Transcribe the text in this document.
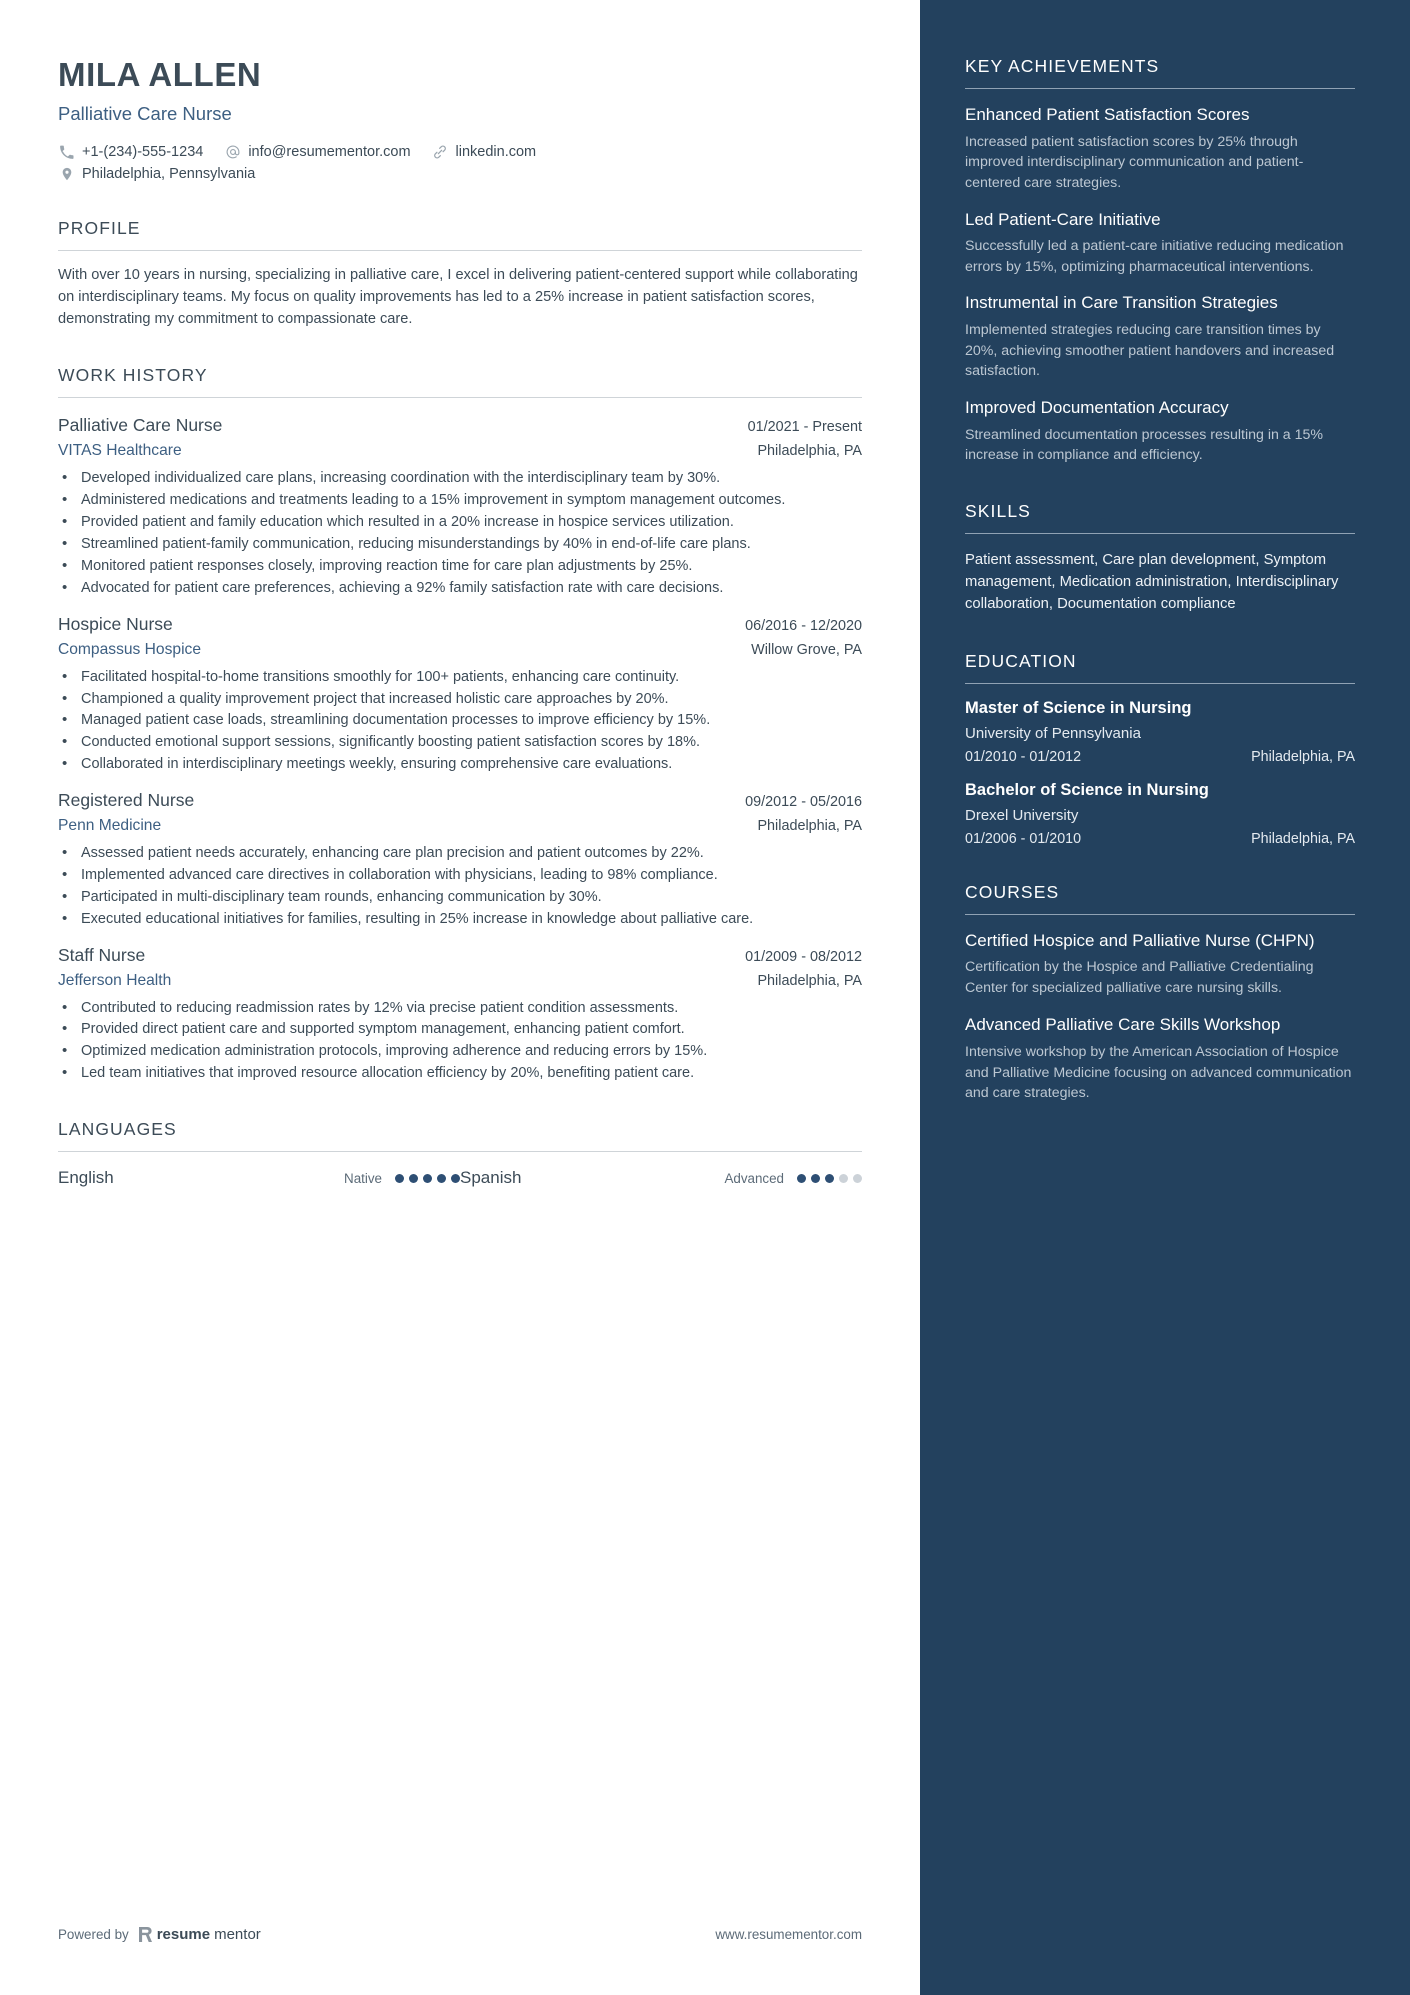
MILA ALLEN
Palliative Care Nurse
+1-(234)-555-1234	info@resumementor.com	linkedin.com
Philadelphia, Pennsylvania
PROFILE

With over 10 years in nursing, specializing in palliative care, I excel in delivering patient-centered support while collaborating on interdisciplinary teams. My focus on quality improvements has led to a 25% increase in patient satisfaction scores, demonstrating my commitment to compassionate care.

WORK HISTORY
Palliative Care Nurse	01/2021 - Present
VITAS Healthcare	Philadelphia, PA
• Developed individualized care plans, increasing coordination with the interdisciplinary team by 30%.
• Administered medications and treatments leading to a 15% improvement in symptom management outcomes.
• Provided patient and family education which resulted in a 20% increase in hospice services utilization.
• Streamlined patient-family communication, reducing misunderstandings by 40% in end-of-life care plans.
• Monitored patient responses closely, improving reaction time for care plan adjustments by 25%.
• Advocated for patient care preferences, achieving a 92% family satisfaction rate with care decisions.
Hospice Nurse	06/2016 - 12/2020
Compassus Hospice	Willow Grove, PA
• Facilitated hospital-to-home transitions smoothly for 100+ patients, enhancing care continuity.
• Championed a quality improvement project that increased holistic care approaches by 20%.
• Managed patient case loads, streamlining documentation processes to improve efficiency by 15%.
• Conducted emotional support sessions, significantly boosting patient satisfaction scores by 18%.
• Collaborated in interdisciplinary meetings weekly, ensuring comprehensive care evaluations.
Registered Nurse	09/2012 - 05/2016
Penn Medicine	Philadelphia, PA
• Assessed patient needs accurately, enhancing care plan precision and patient outcomes by 22%.
• Implemented advanced care directives in collaboration with physicians, leading to 98% compliance.
• Participated in multi-disciplinary team rounds, enhancing communication by 30%.
• Executed educational initiatives for families, resulting in 25% increase in knowledge about palliative care.
Staff Nurse	01/2009 - 08/2012
Jefferson Health	Philadelphia, PA
• Contributed to reducing readmission rates by 12% via precise patient condition assessments.
• Provided direct patient care and supported symptom management, enhancing patient comfort.
• Optimized medication administration protocols, improving adherence and reducing errors by 15%.
• Led team initiatives that improved resource allocation efficiency by 20%, benefiting patient care.
LANGUAGES
English	Native	Spanish	Advanced
Powered by resume mentor	www.resumementor.com
KEY ACHIEVEMENTS
Enhanced Patient Satisfaction Scores
Increased patient satisfaction scores by 25% through improved interdisciplinary communication and patient-centered care strategies.
Led Patient-Care Initiative
Successfully led a patient-care initiative reducing medication errors by 15%, optimizing pharmaceutical interventions.
Instrumental in Care Transition Strategies
Implemented strategies reducing care transition times by 20%, achieving smoother patient handovers and increased satisfaction.
Improved Documentation Accuracy
Streamlined documentation processes resulting in a 15% increase in compliance and efficiency.
SKILLS
Patient assessment, Care plan development, Symptom management, Medication administration, Interdisciplinary collaboration, Documentation compliance
EDUCATION
Master of Science in Nursing
University of Pennsylvania
01/2010 - 01/2012	Philadelphia, PA
Bachelor of Science in Nursing
Drexel University
01/2006 - 01/2010	Philadelphia, PA
COURSES
Certified Hospice and Palliative Nurse (CHPN)
Certification by the Hospice and Palliative Credentialing Center for specialized palliative care nursing skills.
Advanced Palliative Care Skills Workshop
Intensive workshop by the American Association of Hospice and Palliative Medicine focusing on advanced communication and care strategies.
